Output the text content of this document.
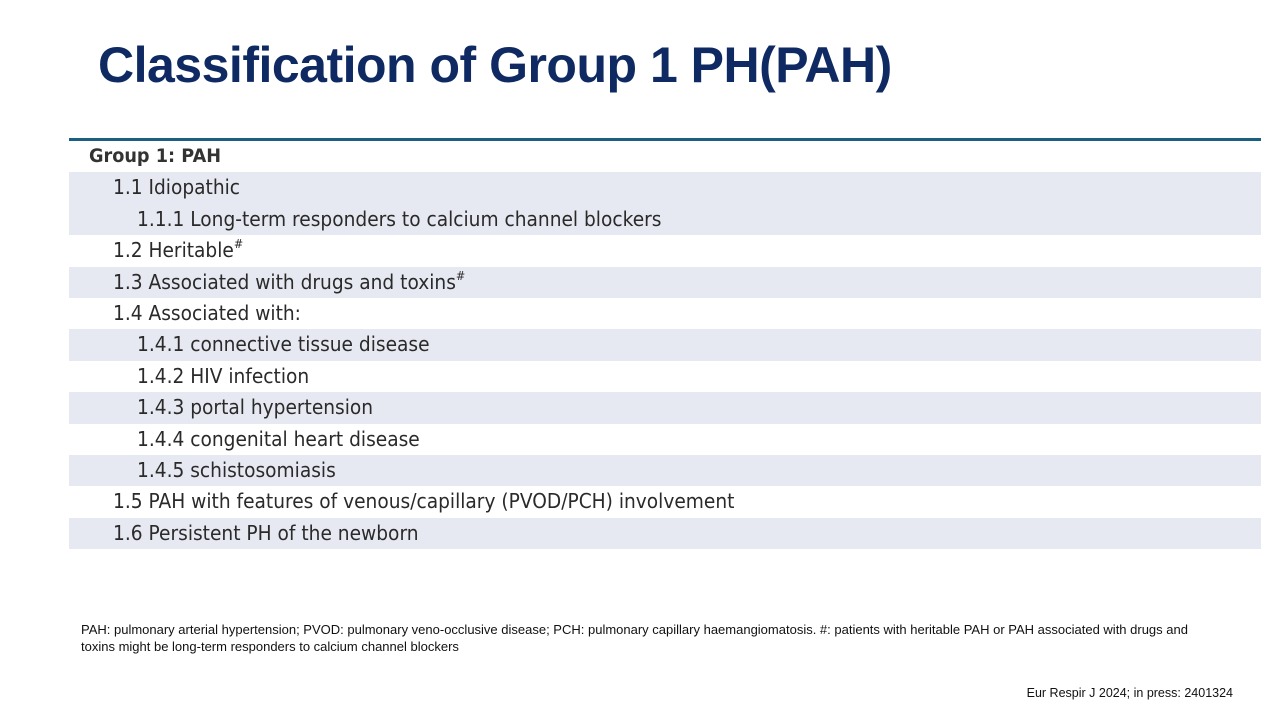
Classification of Group 1 PH(PAH)
Group 1: PAH
1.1 Idiopathic
1.1.1 Long-term responders to calcium channel blockers
1.2 Heritable#
1.3 Associated with drugs and toxins#
1.4 Associated with:
1.4.1 connective tissue disease
1.4.2 HIV infection
1.4.3 portal hypertension
1.4.4 congenital heart disease
1.4.5 schistosomiasis
1.5 PAH with features of venous/capillary (PVOD/PCH) involvement
1.6 Persistent PH of the newborn

PAH: pulmonary arterial hypertension; PVOD: pulmonary veno-occlusive disease; PCH: pulmonary capillary haemangiomatosis. #: patients with heritable PAH or PAH associated with drugs and toxins might be long-term responders to calcium channel blockers

Eur Respir J 2024; in press: 2401324
